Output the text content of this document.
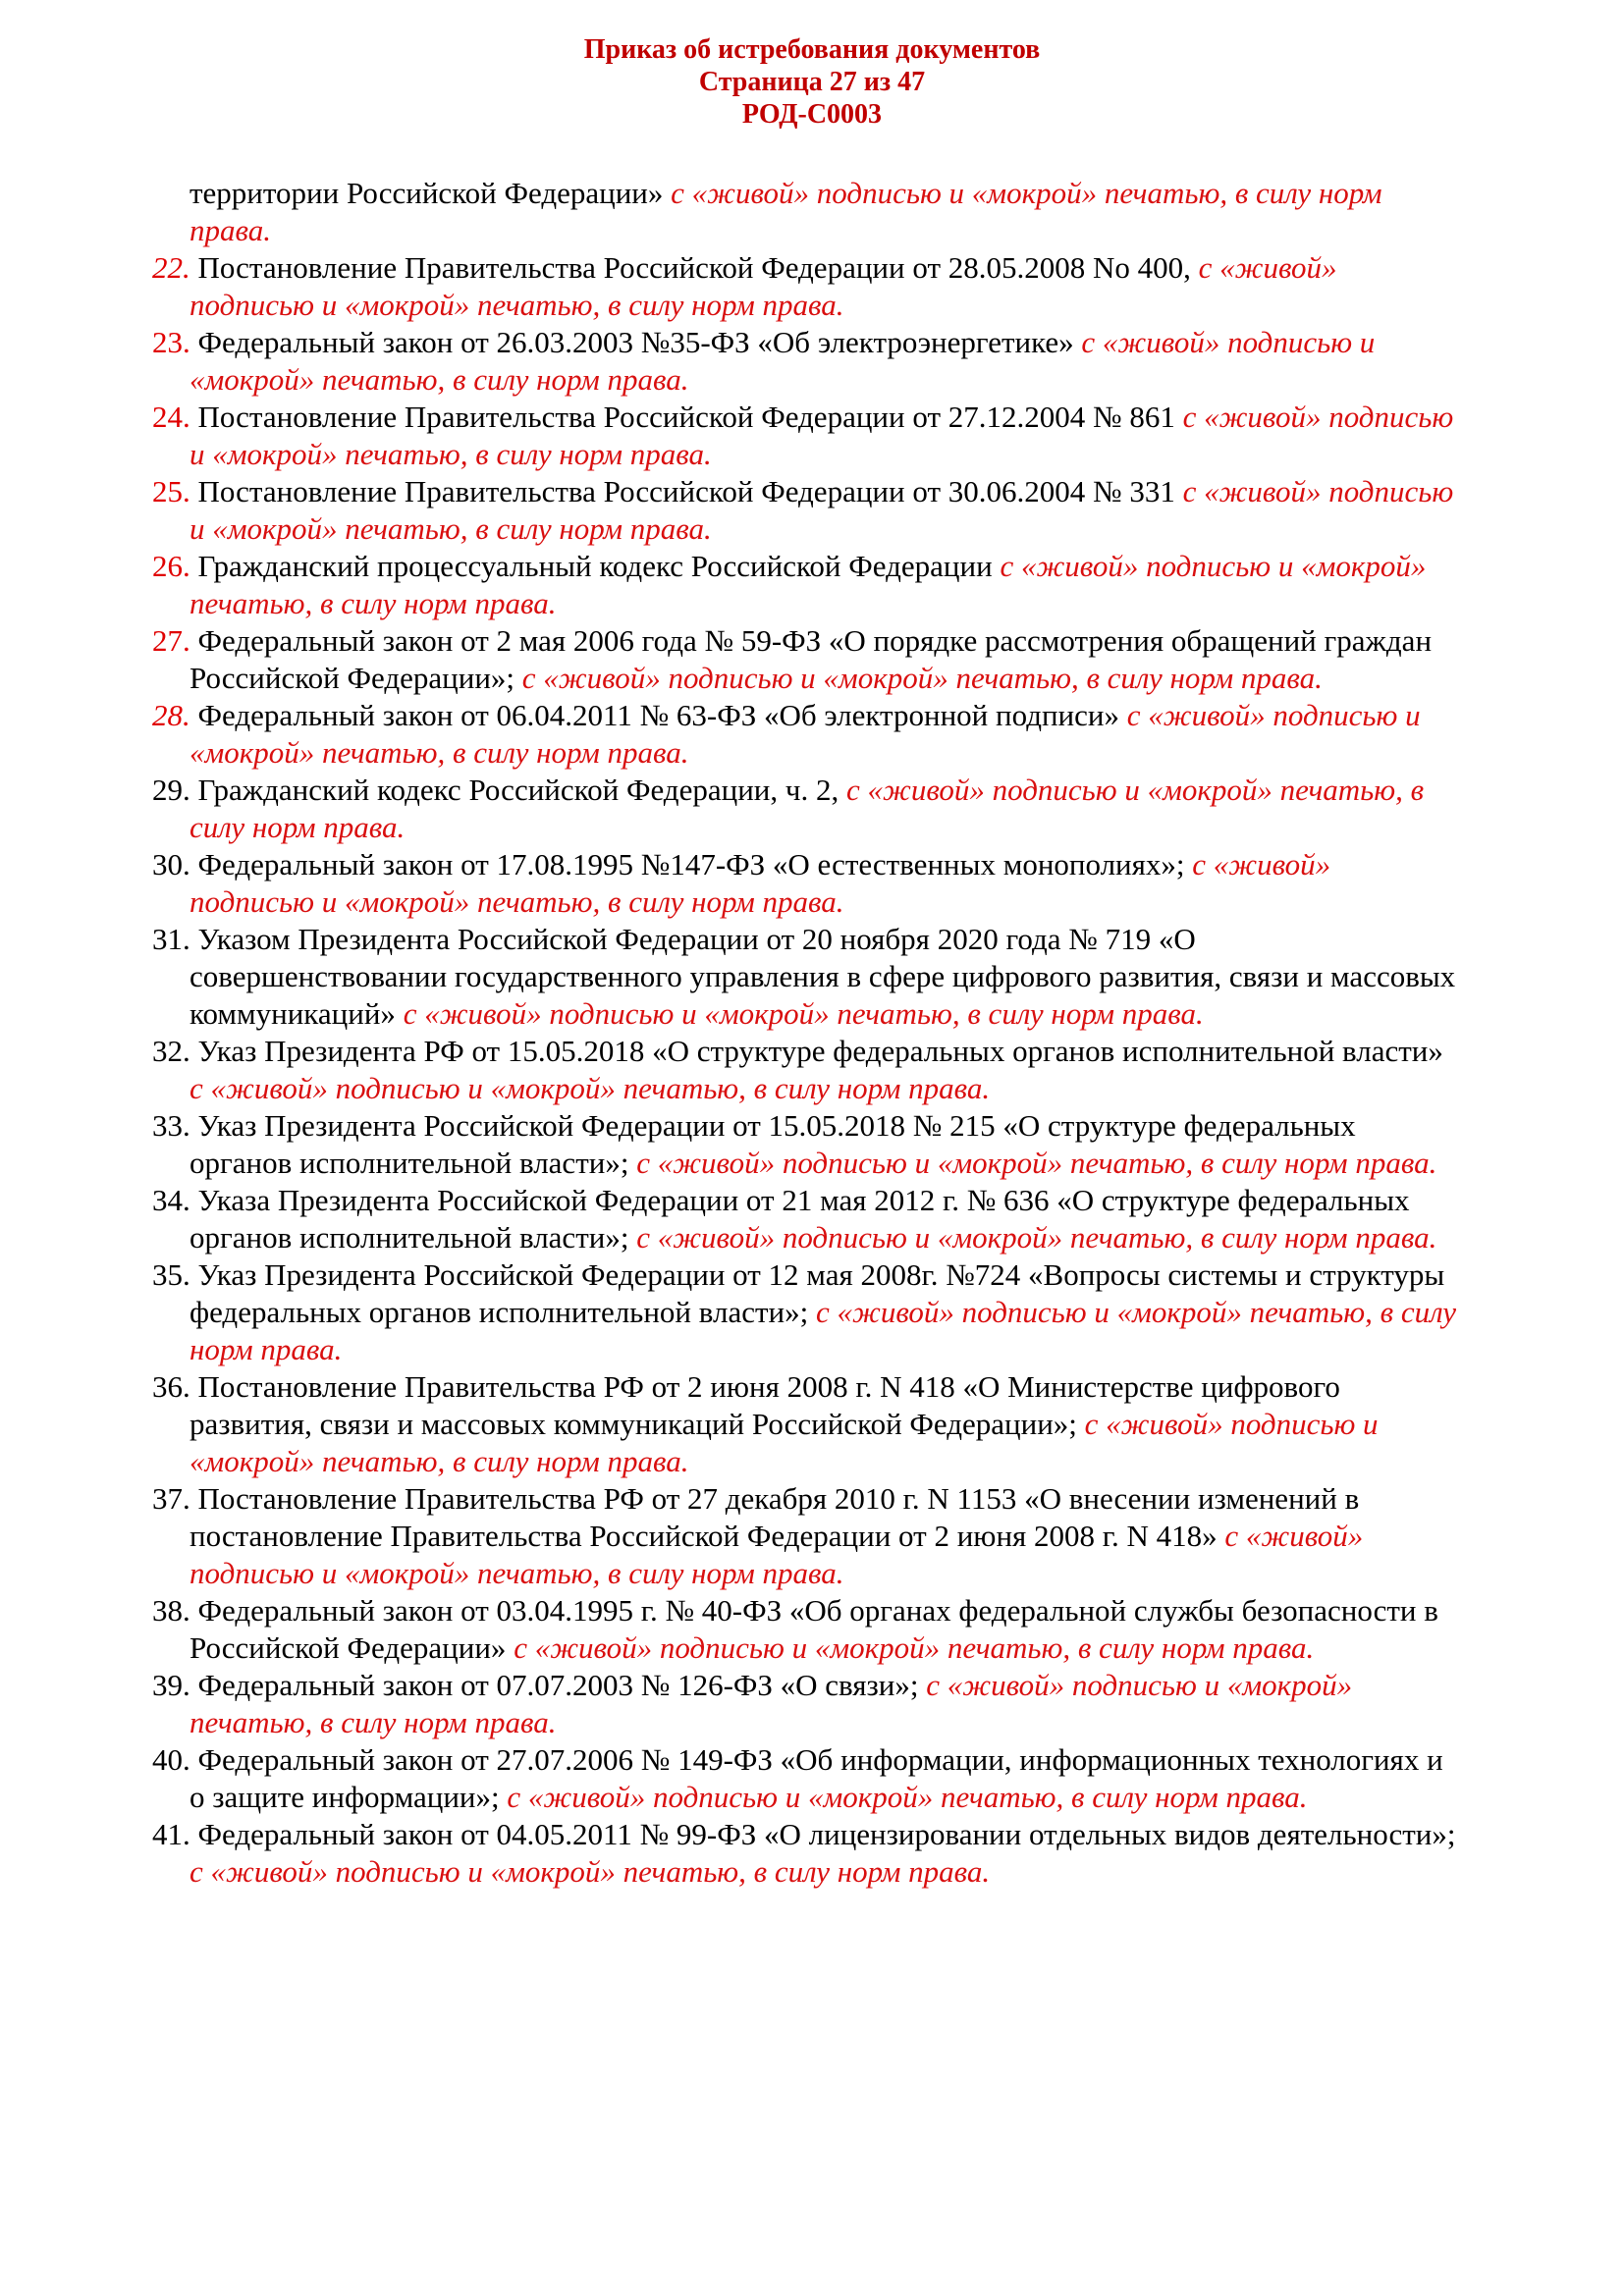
Приказ об истребования документов
Страница 27 из 47
РОД-С0003
территории Российской Федерации» с «живой» подписью и «мокрой» печатью, в силу норм права.
22. Постановление Правительства Российской Федерации от 28.05.2008 No 400, с «живой» подписью и «мокрой» печатью, в силу норм права.
23. Федеральный закон от 26.03.2003 №35-ФЗ «Об электроэнергетике» с «живой» подписью и «мокрой» печатью, в силу норм права.
24. Постановление Правительства Российской Федерации от 27.12.2004 № 861 с «живой» подписью и «мокрой» печатью, в силу норм права.
25. Постановление Правительства Российской Федерации от 30.06.2004 № 331 с «живой» подписью и «мокрой» печатью, в силу норм права.
26. Гражданский процессуальный кодекс Российской Федерации с «живой» подписью и «мокрой» печатью, в силу норм права.
27. Федеральный закон от 2 мая 2006 года № 59-ФЗ «О порядке рассмотрения обращений граждан Российской Федерации»; с «живой» подписью и «мокрой» печатью, в силу норм права.
28. Федеральный закон от 06.04.2011 № 63-ФЗ «Об электронной подписи» с «живой» подписью и «мокрой» печатью, в силу норм права.
29. Гражданский кодекс Российской Федерации, ч. 2, с «живой» подписью и «мокрой» печатью, в силу норм права.
30. Федеральный закон от 17.08.1995 №147-ФЗ «О естественных монополиях»; с «живой» подписью и «мокрой» печатью, в силу норм права.
31. Указом Президента Российской Федерации от 20 ноября 2020 года № 719 «О совершенствовании государственного управления в сфере цифрового развития, связи и массовых коммуникаций» с «живой» подписью и «мокрой» печатью, в силу норм права.
32. Указ Президента РФ от 15.05.2018 «О структуре федеральных органов исполнительной власти» с «живой» подписью и «мокрой» печатью, в силу норм права.
33. Указ Президента Российской Федерации от 15.05.2018 № 215 «О структуре федеральных органов исполнительной власти»; с «живой» подписью и «мокрой» печатью, в силу норм права.
34. Указа Президента Российской Федерации от 21 мая 2012 г. № 636 «О структуре федеральных органов исполнительной власти»; с «живой» подписью и «мокрой» печатью, в силу норм права.
35. Указ Президента Российской Федерации от 12 мая 2008г. №724 «Вопросы системы и структуры федеральных органов исполнительной власти»; с «живой» подписью и «мокрой» печатью, в силу норм права.
36. Постановление Правительства РФ от 2 июня 2008 г. N 418 «О Министерстве цифрового развития, связи и массовых коммуникаций Российской Федерации»; с «живой» подписью и «мокрой» печатью, в силу норм права.
37. Постановление Правительства РФ от 27 декабря 2010 г. N 1153 «О внесении изменений в постановление Правительства Российской Федерации от 2 июня 2008 г. N 418» с «живой» подписью и «мокрой» печатью, в силу норм права.
38. Федеральный закон от 03.04.1995 г. № 40-ФЗ «Об органах федеральной службы безопасности в Российской Федерации» с «живой» подписью и «мокрой» печатью, в силу норм права.
39. Федеральный закон от 07.07.2003 № 126-ФЗ «О связи»; с «живой» подписью и «мокрой» печатью, в силу норм права.
40. Федеральный закон от 27.07.2006 № 149-ФЗ «Об информации, информационных технологиях и о защите информации»; с «живой» подписью и «мокрой» печатью, в силу норм права.
41. Федеральный закон от 04.05.2011 № 99-ФЗ «О лицензировании отдельных видов деятельности»; с «живой» подписью и «мокрой» печатью, в силу норм права.
